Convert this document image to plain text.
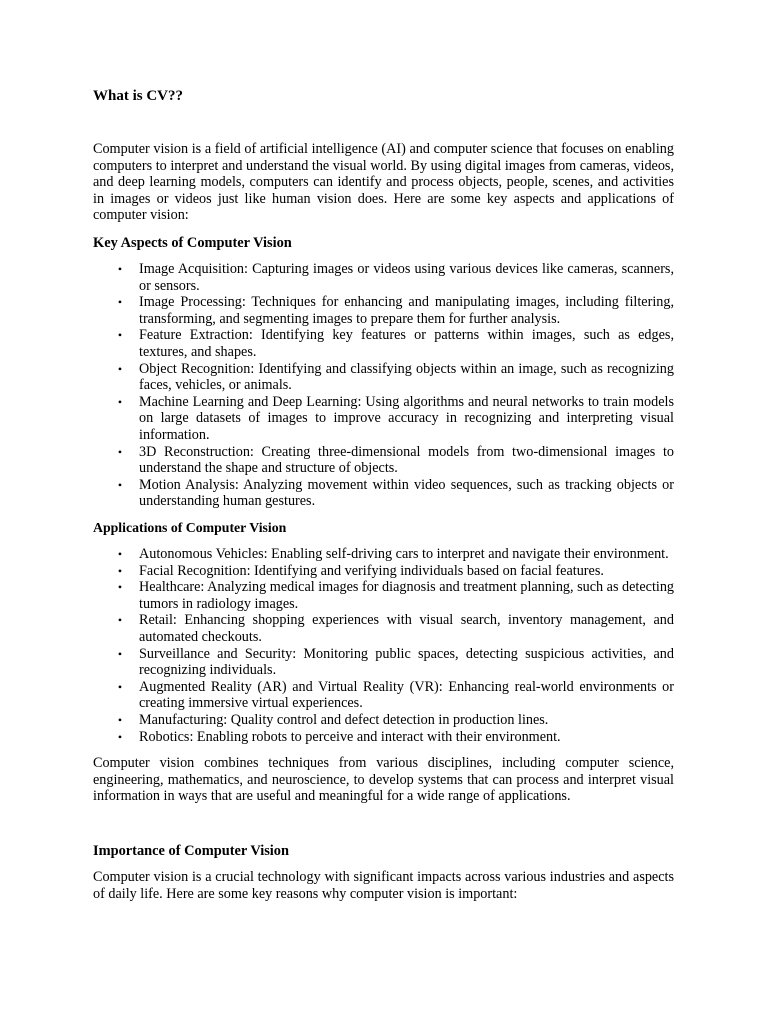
What is CV??

Computer vision is a field of artificial intelligence (AI) and computer science that focuses on enabling computers to interpret and understand the visual world. By using digital images from cameras, videos, and deep learning models, computers can identify and process objects, people, scenes, and activities in images or videos just like human vision does. Here are some key aspects and applications of computer vision:

Key Aspects of Computer Vision
• Image Acquisition: Capturing images or videos using various devices like cameras, scanners, or sensors.
• Image Processing: Techniques for enhancing and manipulating images, including filtering, transforming, and segmenting images to prepare them for further analysis.
• Feature Extraction: Identifying key features or patterns within images, such as edges, textures, and shapes.
• Object Recognition: Identifying and classifying objects within an image, such as recognizing faces, vehicles, or animals.
• Machine Learning and Deep Learning: Using algorithms and neural networks to train models on large datasets of images to improve accuracy in recognizing and interpreting visual information.
• 3D Reconstruction: Creating three-dimensional models from two-dimensional images to understand the shape and structure of objects.
• Motion Analysis: Analyzing movement within video sequences, such as tracking objects or understanding human gestures.
Applications of Computer Vision
• Autonomous Vehicles: Enabling self-driving cars to interpret and navigate their environment.
• Facial Recognition: Identifying and verifying individuals based on facial features.
• Healthcare: Analyzing medical images for diagnosis and treatment planning, such as detecting tumors in radiology images.
• Retail: Enhancing shopping experiences with visual search, inventory management, and automated checkouts.
• Surveillance and Security: Monitoring public spaces, detecting suspicious activities, and recognizing individuals.
• Augmented Reality (AR) and Virtual Reality (VR): Enhancing real-world environments or creating immersive virtual experiences.
• Manufacturing: Quality control and defect detection in production lines.
• Robotics: Enabling robots to perceive and interact with their environment.

Computer vision combines techniques from various disciplines, including computer science, engineering, mathematics, and neuroscience, to develop systems that can process and interpret visual information in ways that are useful and meaningful for a wide range of applications.

Importance of Computer Vision

Computer vision is a crucial technology with significant impacts across various industries and aspects of daily life. Here are some key reasons why computer vision is important:
